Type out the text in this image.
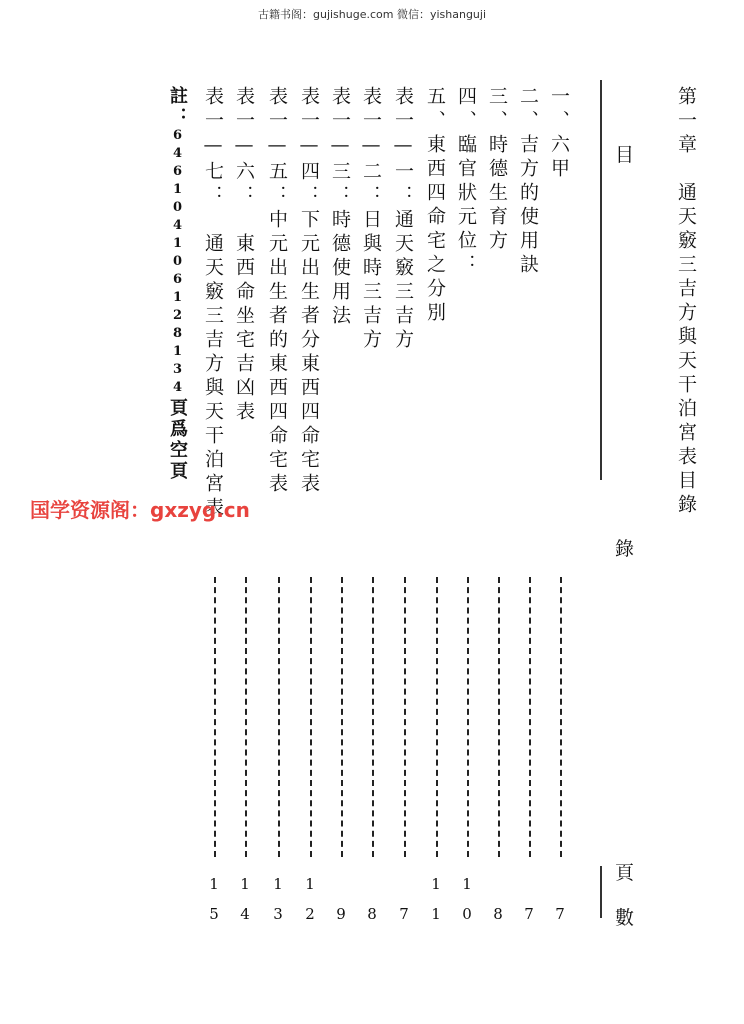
古籍书阁：gujishuge.com 微信：yishanguji
第一章　通天竅三吉方與天干泊宮表目錄
目
錄
頁
數
一、六甲
二、吉方的使用訣
三、時德生育方
四、臨官狀元位：
五、東西四命宅之分別
表一—一：通天竅三吉方
表一—二：日與時三吉方
表一—三：時德使用法
表一—四：下元出生者分東西四命宅表
表一—五：中元出生者的東西四命宅表
表一—六：　東西命坐宅吉凶表
表一—七：　通天竅三吉方與天干泊宮表
註：646104106128134頁爲空頁
1
1
1
1
1
1
7
7
8
0
1
7
8
9
2
3
4
5
国学资源阁：gxzyg.cn
